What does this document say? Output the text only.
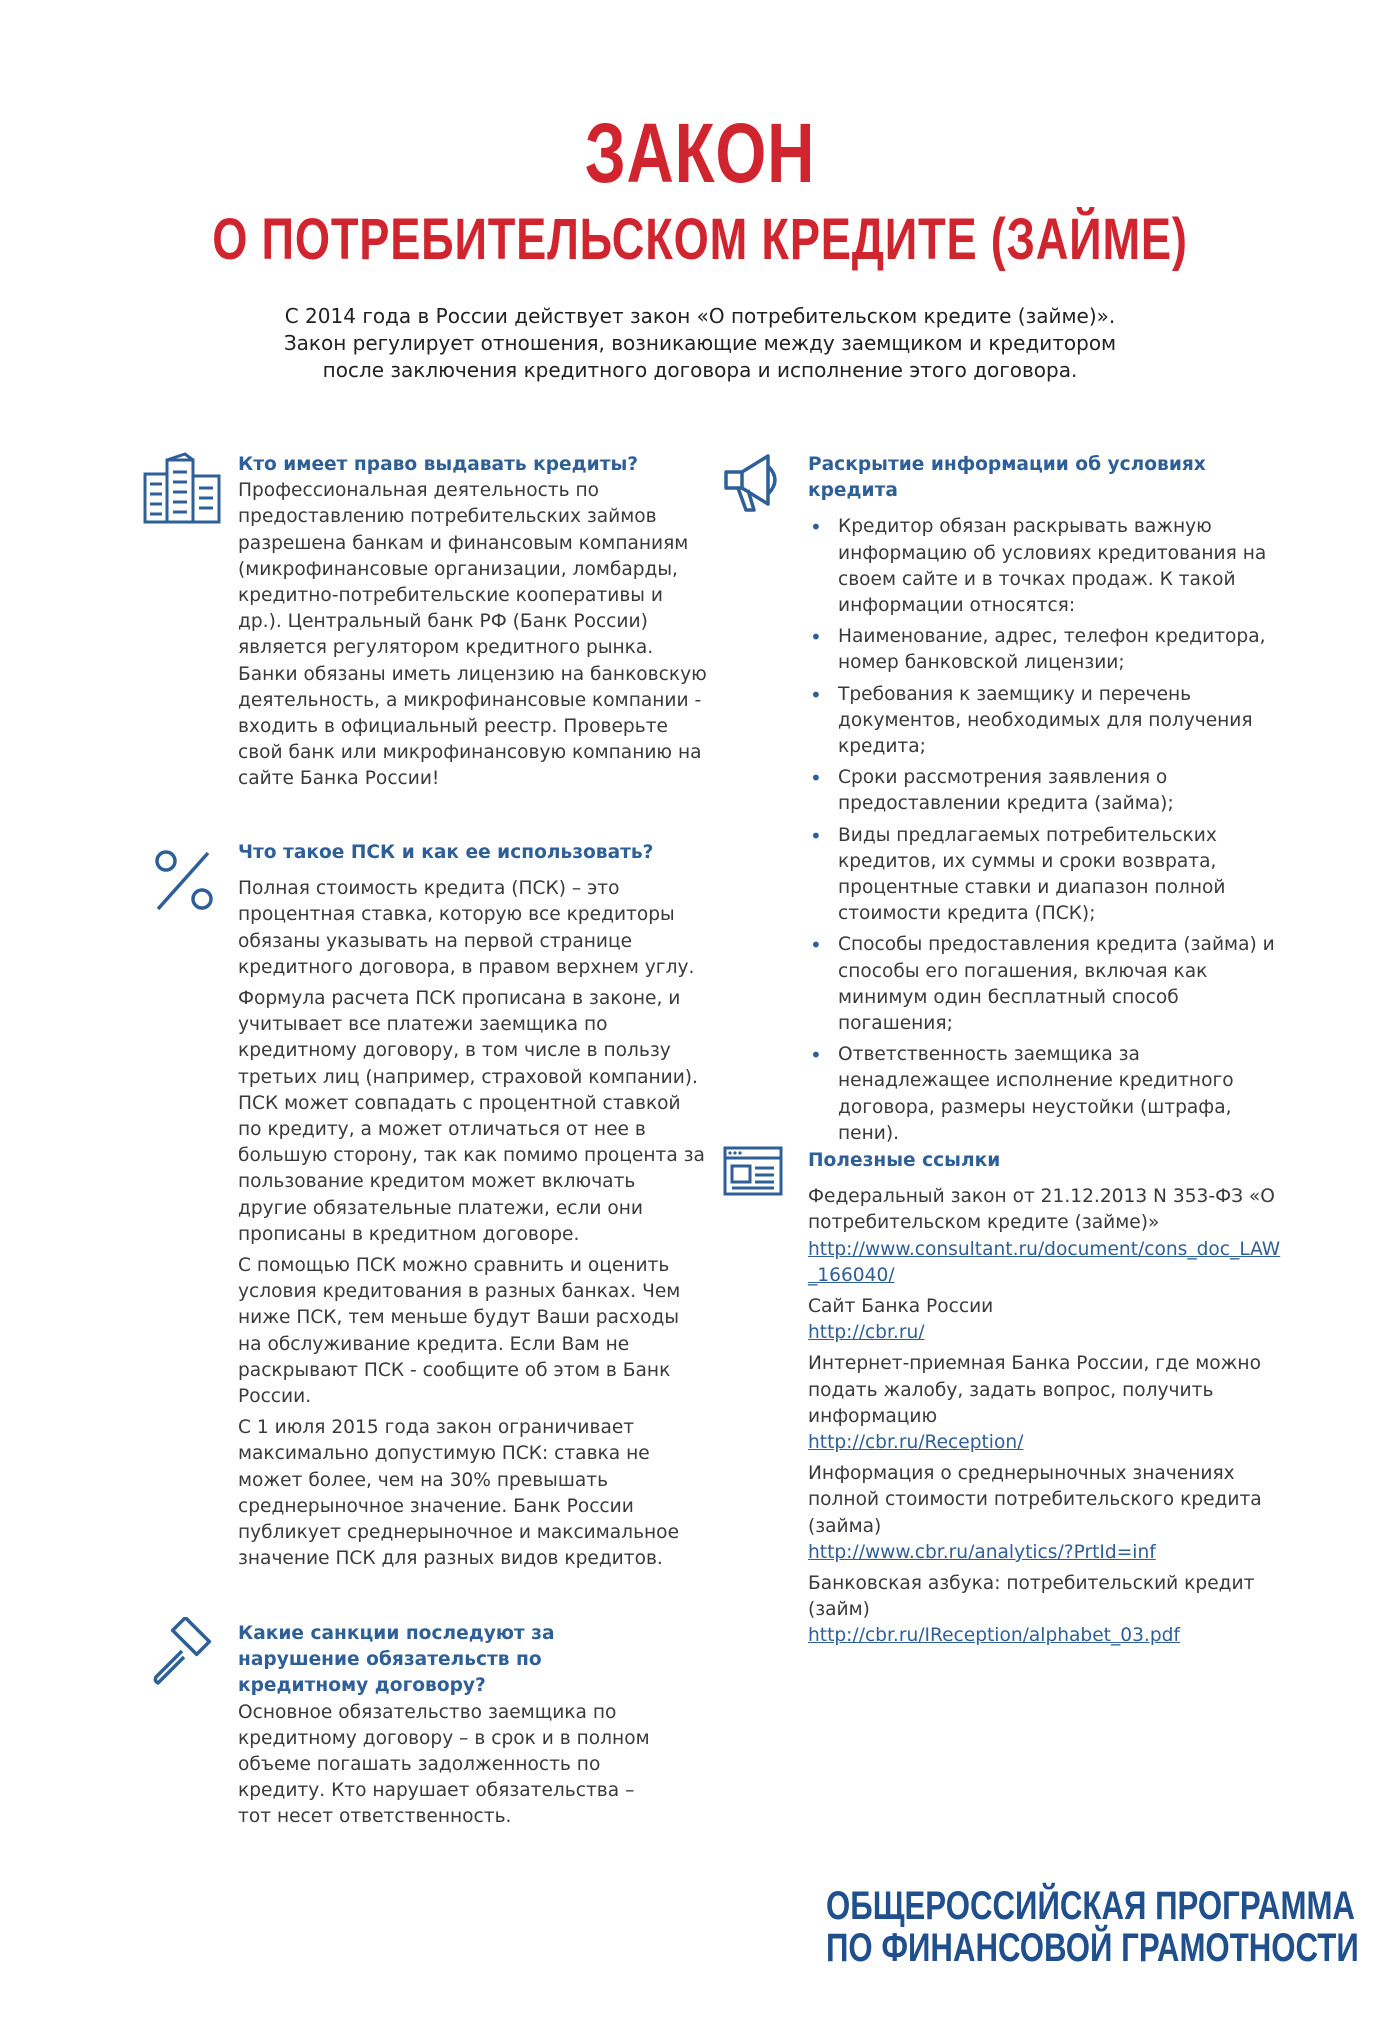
ЗАКОН
О ПОТРЕБИТЕЛЬСКОМ КРЕДИТЕ (ЗАЙМЕ)

С 2014 года в России действует закон «О потребительском кредите (займе)».

Закон регулирует отношения, возникающие между заемщиком и кредитором

после заключения кредитного договора и исполнение этого договора.

Кто имеет право выдавать кредиты?

Профессиональная деятельность по предоставлению потребительских займов разрешена банкам и финансовым компаниям (микрофинансовые организации, ломбарды, кредитно-потребительские кооперативы и др.). Центральный банк РФ (Банк России) является регулятором кредитного рынка. Банки обязаны иметь лицензию на банковскую деятельность, а микрофинансовые компании - входить в официальный реестр. Проверьте свой банк или микрофинансовую компанию на сайте Банка России!

Что такое ПСК и как ее использовать?

Полная стоимость кредита (ПСК) – это процентная ставка, которую все кредиторы обязаны указывать на первой странице кредитного договора, в правом верхнем углу.

Формула расчета ПСК прописана в законе, и учитывает все платежи заемщика по кредитному договору, в том числе в пользу третьих лиц (например, страховой компании). ПСК может совпадать с процентной ставкой по кредиту, а может отличаться от нее в большую сторону, так как помимо процента за пользование кредитом может включать другие обязательные платежи, если они прописаны в кредитном договоре.

С помощью ПСК можно сравнить и оценить условия кредитования в разных банках. Чем ниже ПСК, тем меньше будут Ваши расходы на обслуживание кредита. Если Вам не раскрывают ПСК - сообщите об этом в Банк России.

С 1 июля 2015 года закон ограничивает максимально допустимую ПСК: ставка не может более, чем на 30% превышать среднерыночное значение. Банк России публикует среднерыночное и максимальное значение ПСК для разных видов кредитов.

Какие санкции последуют за нарушение обязательств по кредитному договору?

Основное обязательство заемщика по кредитному договору – в срок и в полном объеме погашать задолженность по кредиту. Кто нарушает обязательства – тот несет ответственность.

Раскрытие информации об условиях кредита
• Кредитор обязан раскрывать важную информацию об условиях кредитования на своем сайте и в точках продаж. К такой информации относятся:
• Наименование, адрес, телефон кредитора, номер банковской лицензии;
• Требования к заемщику и перечень документов, необходимых для получения кредита;
• Сроки рассмотрения заявления о предоставлении кредита (займа);
• Виды предлагаемых потребительских кредитов, их суммы и сроки возврата, процентные ставки и диапазон полной стоимости кредита (ПСК);
• Способы предоставления кредита (займа) и способы его погашения, включая как минимум один бесплатный способ погашения;
• Ответственность заемщика за ненадлежащее исполнение кредитного договора, размеры неустойки (штрафа, пени).
Полезные ссылки

Федеральный закон от 21.12.2013 N 353-ФЗ «О потребительском кредите (займе)»
http://www.consultant.ru/document/cons_doc_LAW_166040/

Сайт Банка России
http://cbr.ru/

Интернет-приемная Банка России, где можно подать жалобу, задать вопрос, получить информацию
http://cbr.ru/Reception/

Информация о среднерыночных значениях полной стоимости потребительского кредита (займа)
http://www.cbr.ru/analytics/?PrtId=inf

Банковская азбука: потребительский кредит (займ)
http://cbr.ru/IReception/alphabet_03.pdf

ОБЩЕРОССИЙСКАЯ ПРОГРАММА
ПО ФИНАНСОВОЙ ГРАМОТНОСТИ
